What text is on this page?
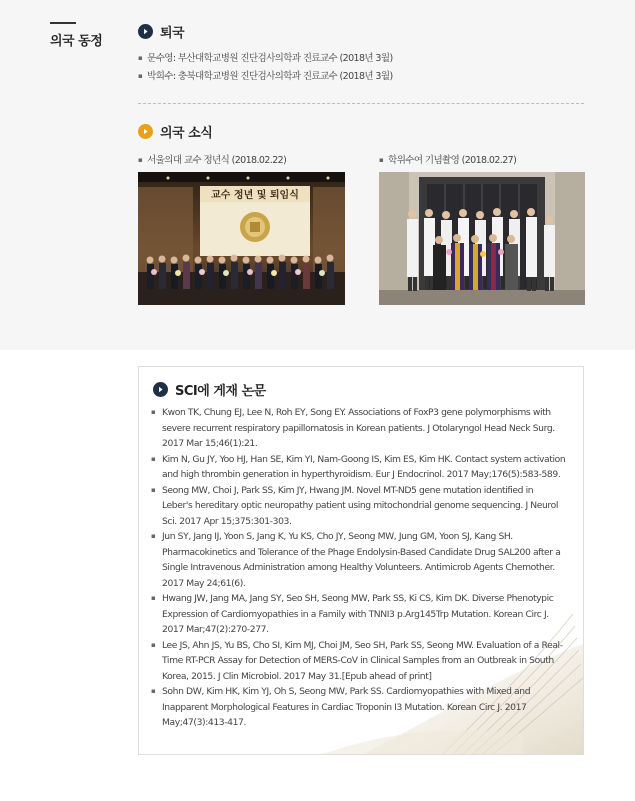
의국 동정
퇴국
▪ 문수영: 부산대학교병원 진단검사의학과 진료교수 (2018년 3월)
▪ 박희수: 충북대학교병원 진단검사의학과 진료교수 (2018년 3월)
의국 소식
▪ 서울의대 교수 정년식 (2018.02.22)
▪	학위수여 기념촬영 (2018.02.27)
교수 정년 및 퇴임식
SCI에 게재 논문
▪ Kwon TK, Chung EJ, Lee N, Roh EY, Song EY. Associations of FoxP3 gene polymorphisms with severe recurrent respiratory papillomatosis in Korean patients. J Otolaryngol Head Neck Surg. 2017 Mar 15;46(1):21.
▪ Kim N, Gu JY, Yoo HJ, Han SE, Kim YI, Nam-Goong IS, Kim ES, Kim HK. Contact system activation and high thrombin generation in hyperthyroidism. Eur J Endocrinol. 2017 May;176(5):583-589.
▪ Seong MW, Choi J, Park SS, Kim JY, Hwang JM. Novel MT-ND5 gene mutation identified in Leber's hereditary optic neuropathy patient using mitochondrial genome sequencing. J Neurol Sci. 2017 Apr 15;375:301-303.
▪ Jun SY, Jang IJ, Yoon S, Jang K, Yu KS, Cho JY, Seong MW, Jung GM, Yoon SJ, Kang SH. Pharmacokinetics and Tolerance of the Phage Endolysin-Based Candidate Drug SAL200 after a Single Intravenous Administration among Healthy Volunteers. Antimicrob Agents Chemother. 2017 May 24;61(6).
▪ Hwang JW, Jang MA, Jang SY, Seo SH, Seong MW, Park SS, Ki CS, Kim DK. Diverse Phenotypic Expression of Cardiomyopathies in a Family with TNNI3 p.Arg145Trp Mutation. Korean Circ J. 2017 Mar;47(2):270-277.
▪ Lee JS, Ahn JS, Yu BS, Cho SI, Kim MJ, Choi JM, Seo SH, Park SS, Seong MW. Evaluation of a Real-Time RT-PCR Assay for Detection of MERS-CoV in Clinical Samples from an Outbreak in South Korea, 2015. J Clin Microbiol. 2017 May 31.[Epub ahead of print]
▪ Sohn DW, Kim HK, Kim YJ, Oh S, Seong MW, Park SS. Cardiomyopathies with Mixed and Inapparent Morphological Features in Cardiac Troponin I3 Mutation. Korean Circ J. 2017 May;47(3):413-417.
